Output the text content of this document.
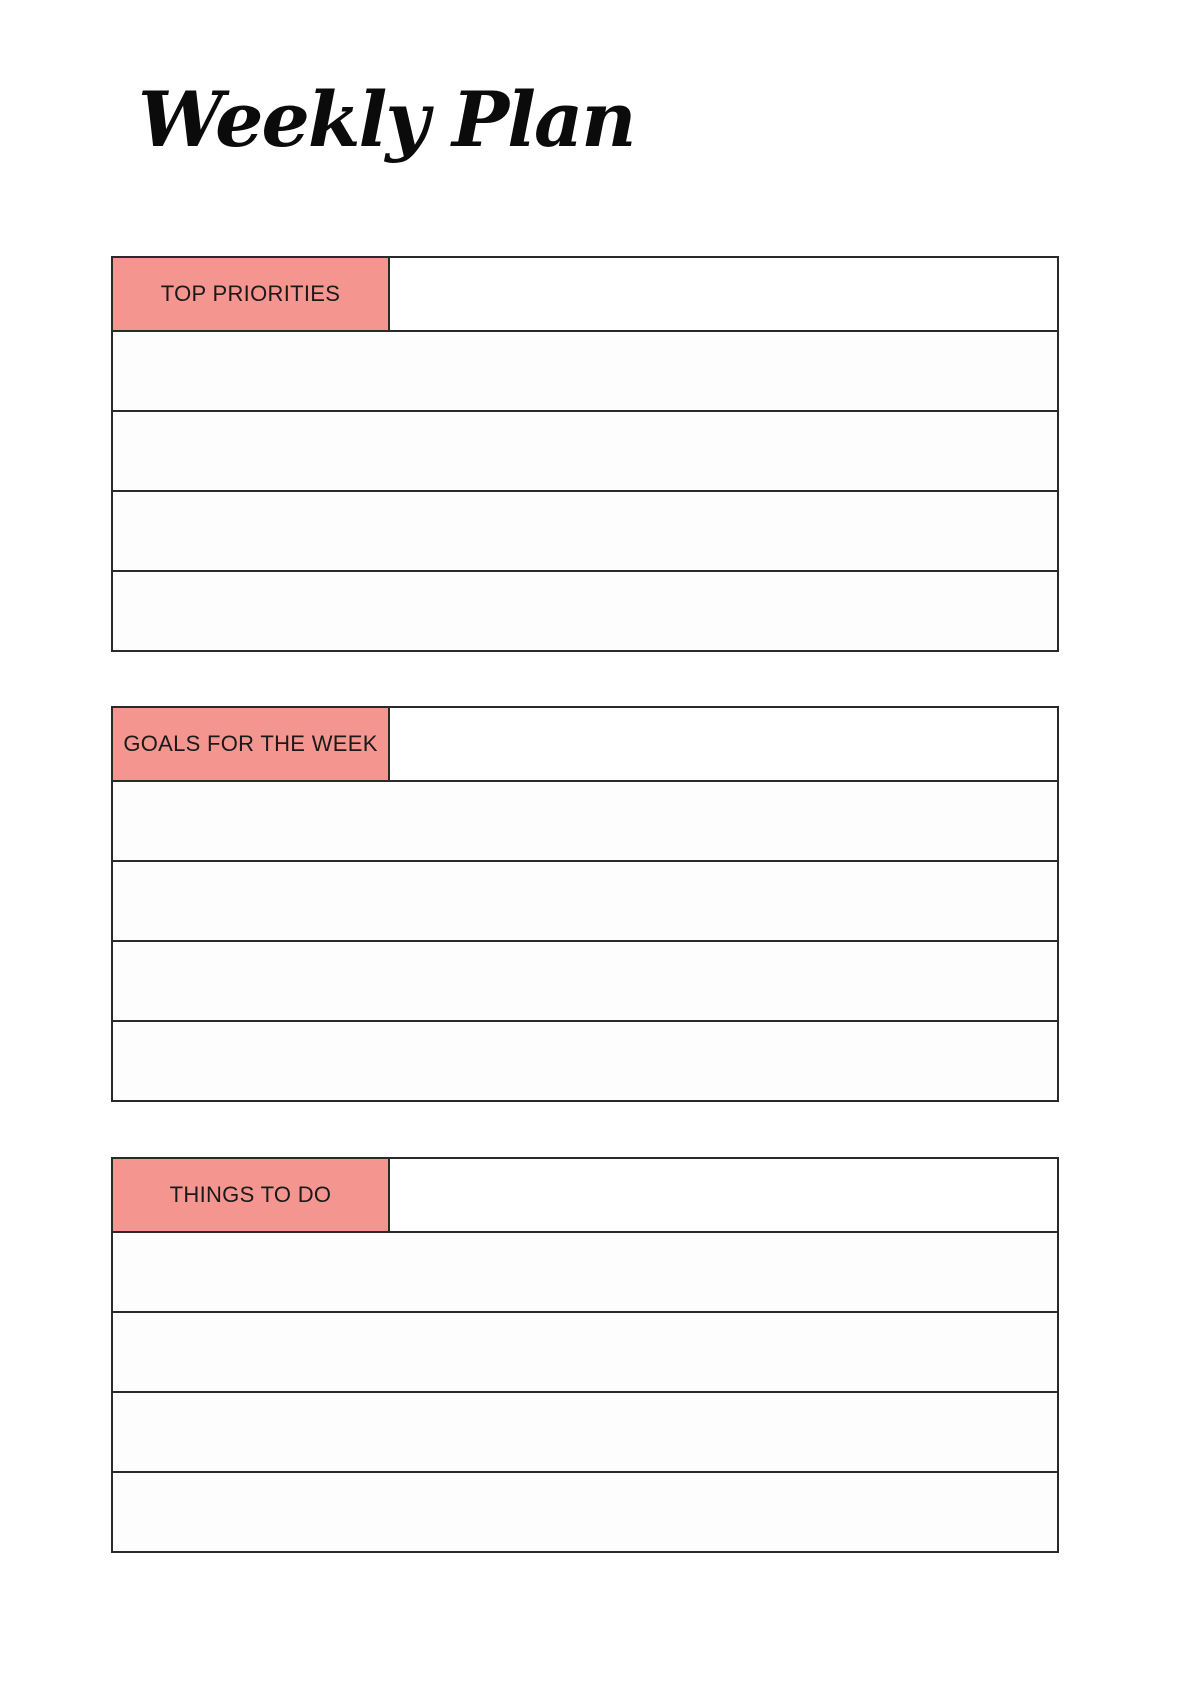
Weekly Plan
TOP PRIORITIES
GOALS FOR THE WEEK
THINGS TO DO
